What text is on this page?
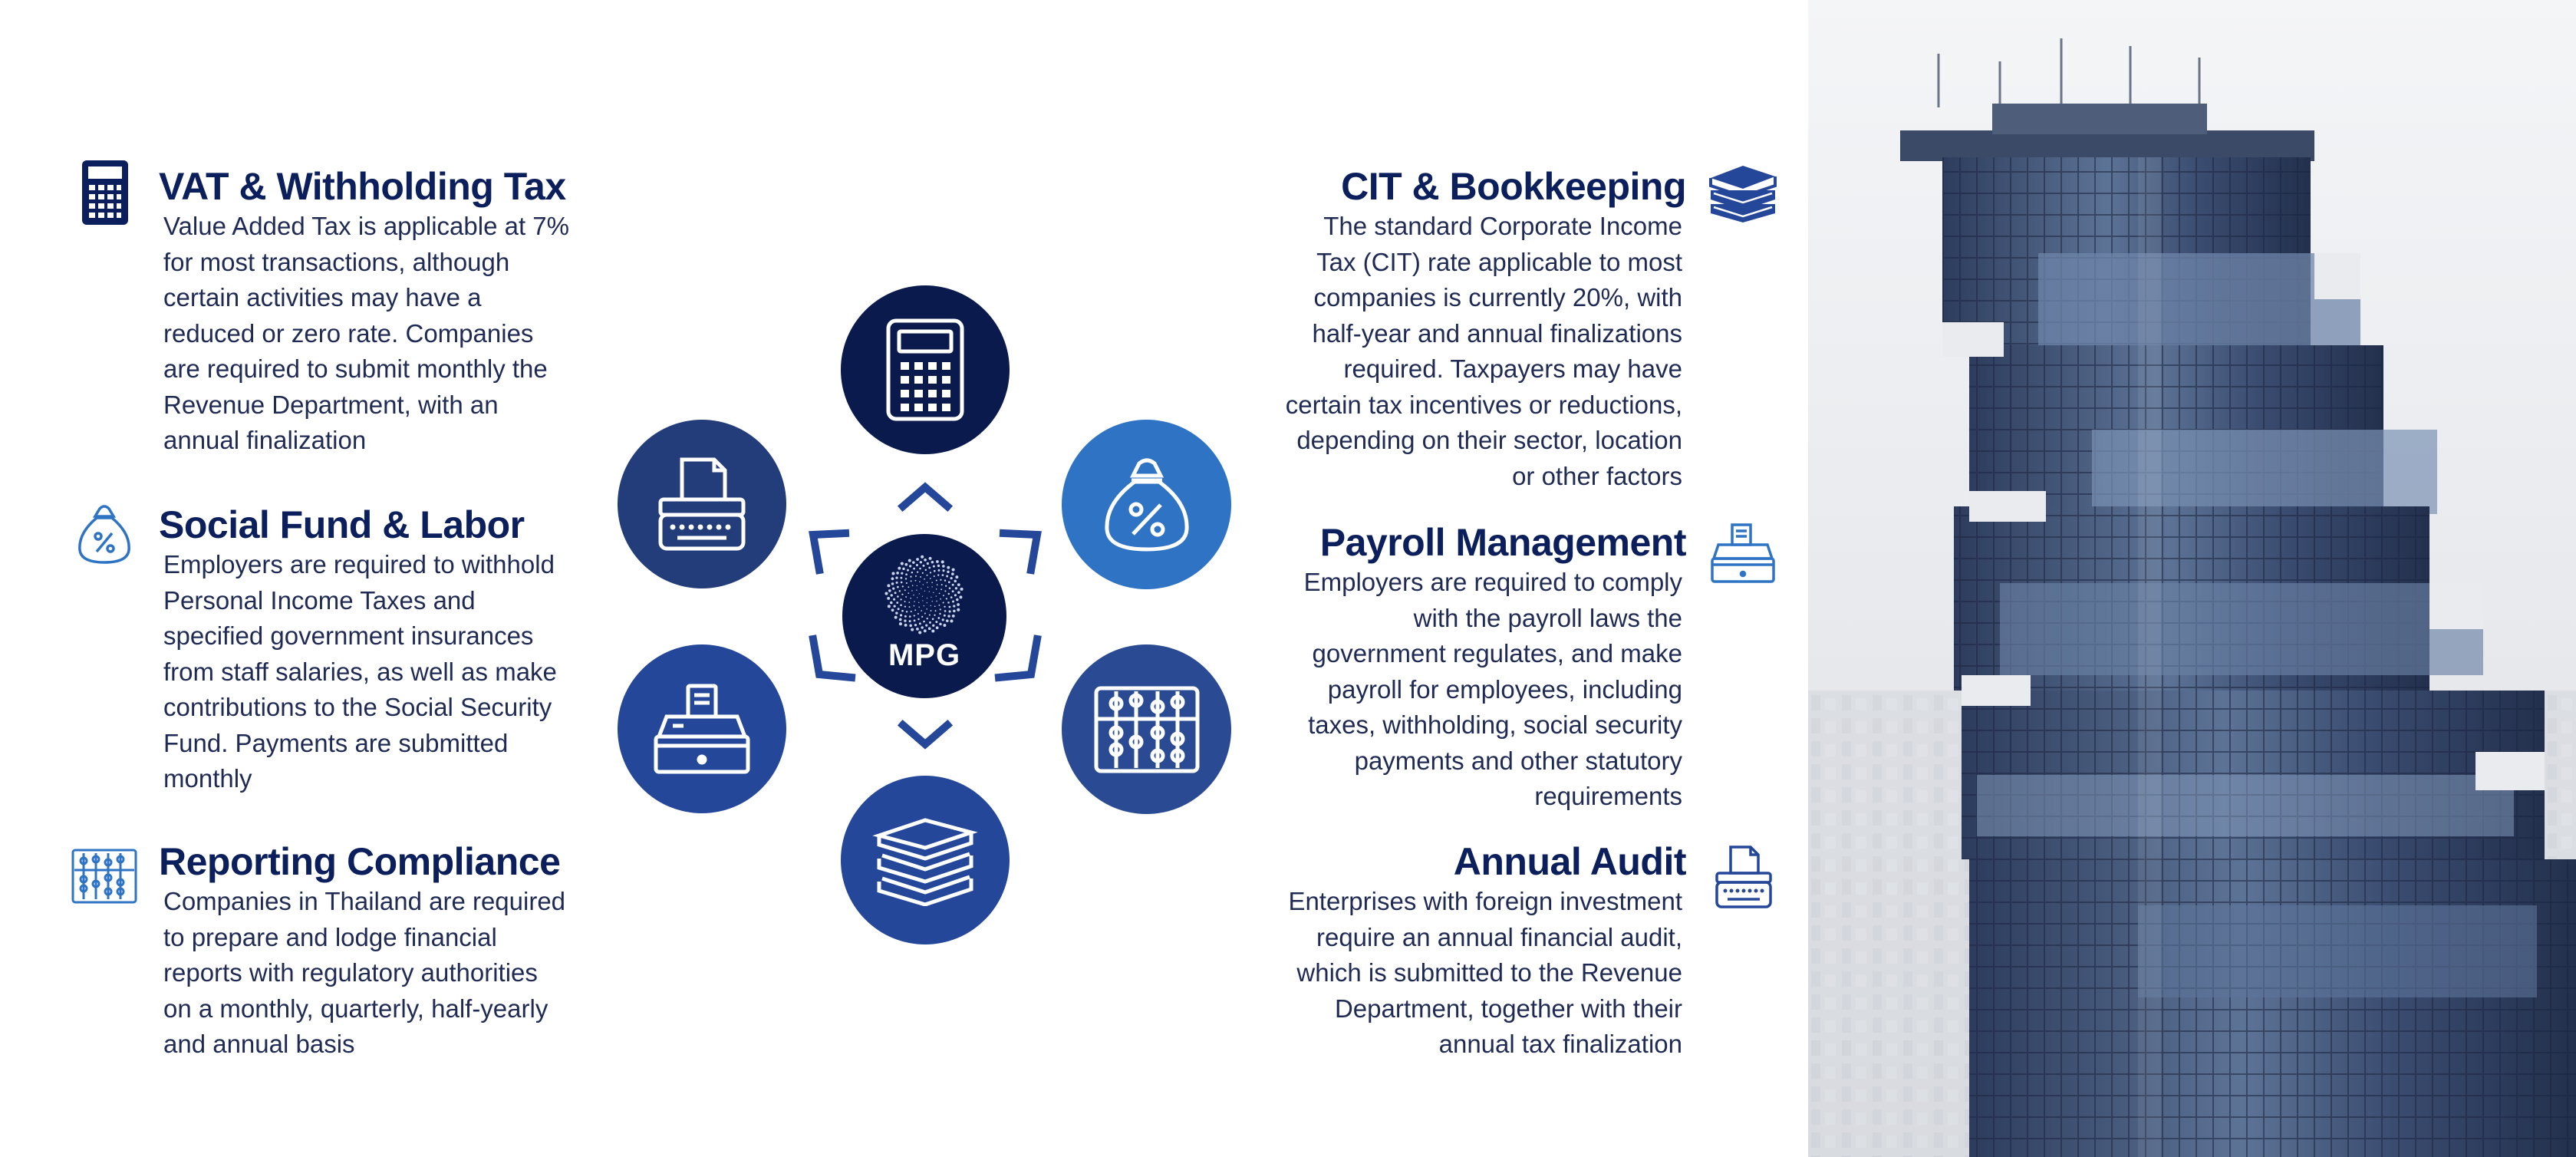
VAT & Withholding Tax

Value Added Tax is applicable at 7%
for most transactions, although
certain activities may have a
reduced or zero rate. Companies
are required to submit monthly the
Revenue Department, with an
annual finalization

Social Fund & Labor

Employers are required to withhold
Personal Income Taxes and
specified government insurances
from staff salaries, as well as make
contributions to the Social Security
Fund. Payments are submitted
monthly

Reporting Compliance

Companies in Thailand are required
to prepare and lodge financial
reports with regulatory authorities
on a monthly, quarterly, half-yearly
and annual basis

MPG
CIT & Bookkeeping

The standard Corporate Income
Tax (CIT) rate applicable to most
companies is currently 20%, with
half-year and annual finalizations
required. Taxpayers may have
certain tax incentives or reductions,
depending on their sector, location
or other factors

Payroll Management

Employers are required to comply
with the payroll laws the
government regulates, and make
payroll for employees, including
taxes, withholding, social security
payments and other statutory
requirements

Annual Audit

Enterprises with foreign investment
require an annual financial audit,
which is submitted to the Revenue
Department, together with their
annual tax finalization
